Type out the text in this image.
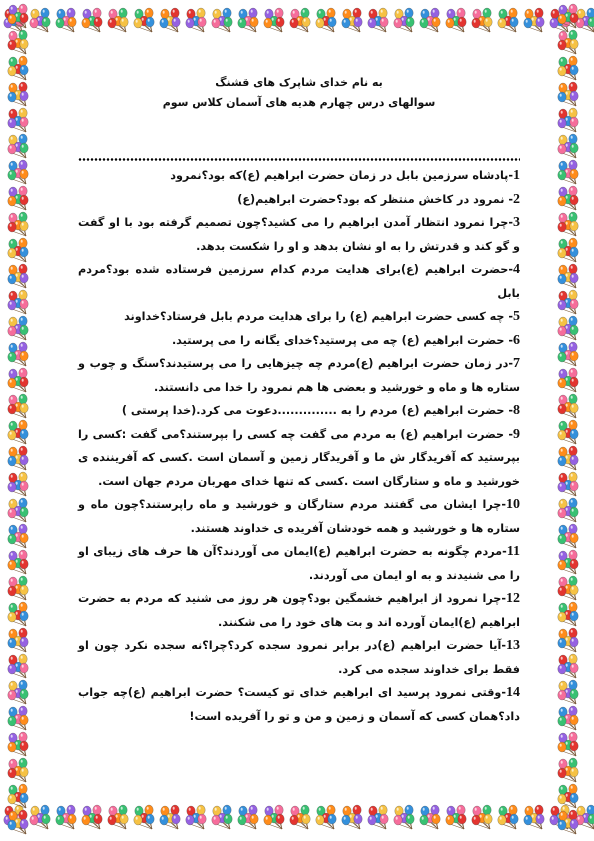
به نام خدای شاپرک های قشنگ
سوالهای درس چهارم هدیه های آسمان کلاس سوم

1-پادشاه سرزمین بابل در زمان حضرت ابراهیم (ع)که بود؟نمرود

2- نمرود در کاخش منتظر که بود؟حضرت ابراهیم(ع)

3-چرا نمرود انتظار آمدن ابراهیم را می کشید؟چون تصمیم گرفته بود با او گفت و گو کند و قدرتش را به او نشان بدهد و او را شکست بدهد.

4-حضرت ابراهیم (ع)برای هدایت مردم کدام سرزمین فرستاده شده بود؟مردم بابل

5- چه کسی حضرت ابراهیم (ع) را برای هدایت مردم بابل فرستاد؟خداوند

6- حضرت ابراهیم (ع) چه می پرستید؟خدای یگانه را می پرستید.

7-در زمان حضرت ابراهیم (ع)مردم چه چیزهایی را می پرستیدند؟سنگ و چوب و ستاره ها و ماه و خورشید و بعضی ها هم نمرود را خدا می دانستند.

8- حضرت ابراهیم (ع) مردم را به ..............دعوت می کرد.(خدا پرستی )

9- حضرت ابراهیم (ع) به مردم می گفت چه کسی را بپرستند؟می گفت :کسی را بپرستید که آفریدگار ش ما و آفریدگار زمین و آسمان است .کسی که آفریننده ی خورشید و ماه و ستارگان است .کسی که تنها خدای مهربان مردم جهان است.

10-چرا ایشان می گفتند مردم ستارگان و خورشید و ماه راپرستند؟چون ماه و ستاره ها و خورشید و همه خودشان آفریده ی خداوند هستند.

11-مردم چگونه به حضرت ابراهیم (ع)ایمان می آوردند؟آن ها حرف های زیبای او را می شنیدند و به او ایمان می آوردند.

12-چرا نمرود از ابراهیم خشمگین بود؟چون هر روز می شنید که مردم به حضرت ابراهیم (ع)ایمان آورده اند و بت های خود را می شکنند.

13-آیا حضرت ابراهیم (ع)در برابر نمرود سجده کرد؟چرا؟نه سجده نکرد چون او فقط برای خداوند سجده می کرد.

14-وقتی نمرود پرسید ای ابراهیم خدای تو کیست؟ حضرت ابراهیم (ع)چه جواب داد؟همان کسی که آسمان و زمین و من و تو را آفریده است!
